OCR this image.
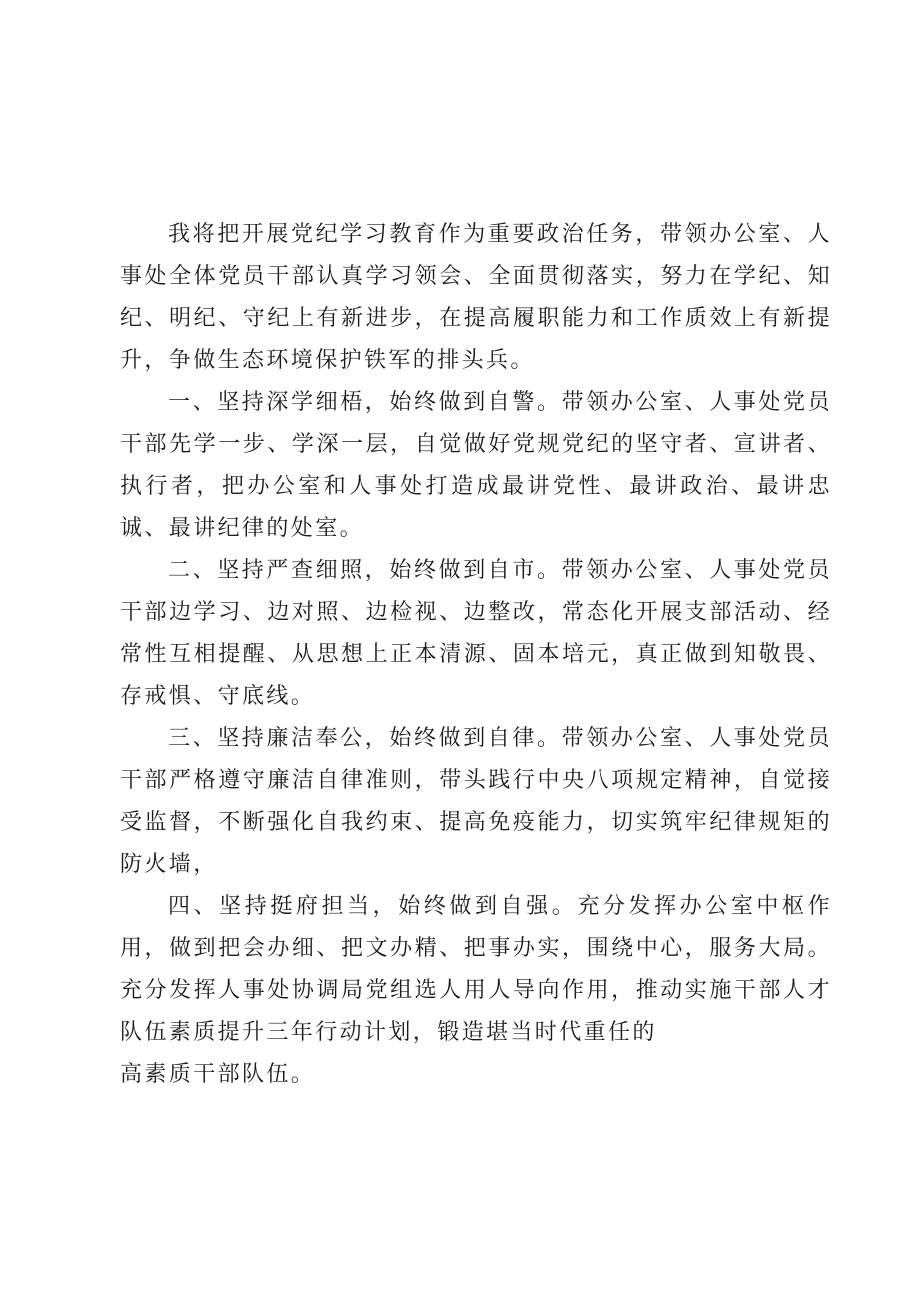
我将把开展党纪学习教育作为重要政治任务，带领办公室、人事处全体党员干部认真学习领会、全面贯彻落实，努力在学纪、知纪、明纪、守纪上有新进步，在提高履职能力和工作质效上有新提升，争做生态环境保护铁军的排头兵。

一、坚持深学细梧，始终做到自警。带领办公室、人事处党员干部先学一步、学深一层，自觉做好党规党纪的坚守者、宣讲者、执行者，把办公室和人事处打造成最讲党性、最讲政治、最讲忠诚、最讲纪律的处室。

二、坚持严查细照，始终做到自市。带领办公室、人事处党员干部边学习、边对照、边检视、边整改，常态化开展支部活动、经常性互相提醒、从思想上正本清源、固本培元，真正做到知敬畏、存戒惧、守底线。

三、坚持廉洁奉公，始终做到自律。带领办公室、人事处党员干部严格遵守廉洁自律准则，带头践行中央八项规定精神，自觉接受监督，不断强化自我约束、提高免疫能力，切实筑牢纪律规矩的防火墙，

四、坚持挺府担当，始终做到自强。充分发挥办公室中枢作用，做到把会办细、把文办精、把事办实，围绕中心，服务大局。充分发挥人事处协调局党组选人用人导向作用，推动实施干部人才队伍素质提升三年行动计划，锻造堪当时代重任的

高素质干部队伍。
